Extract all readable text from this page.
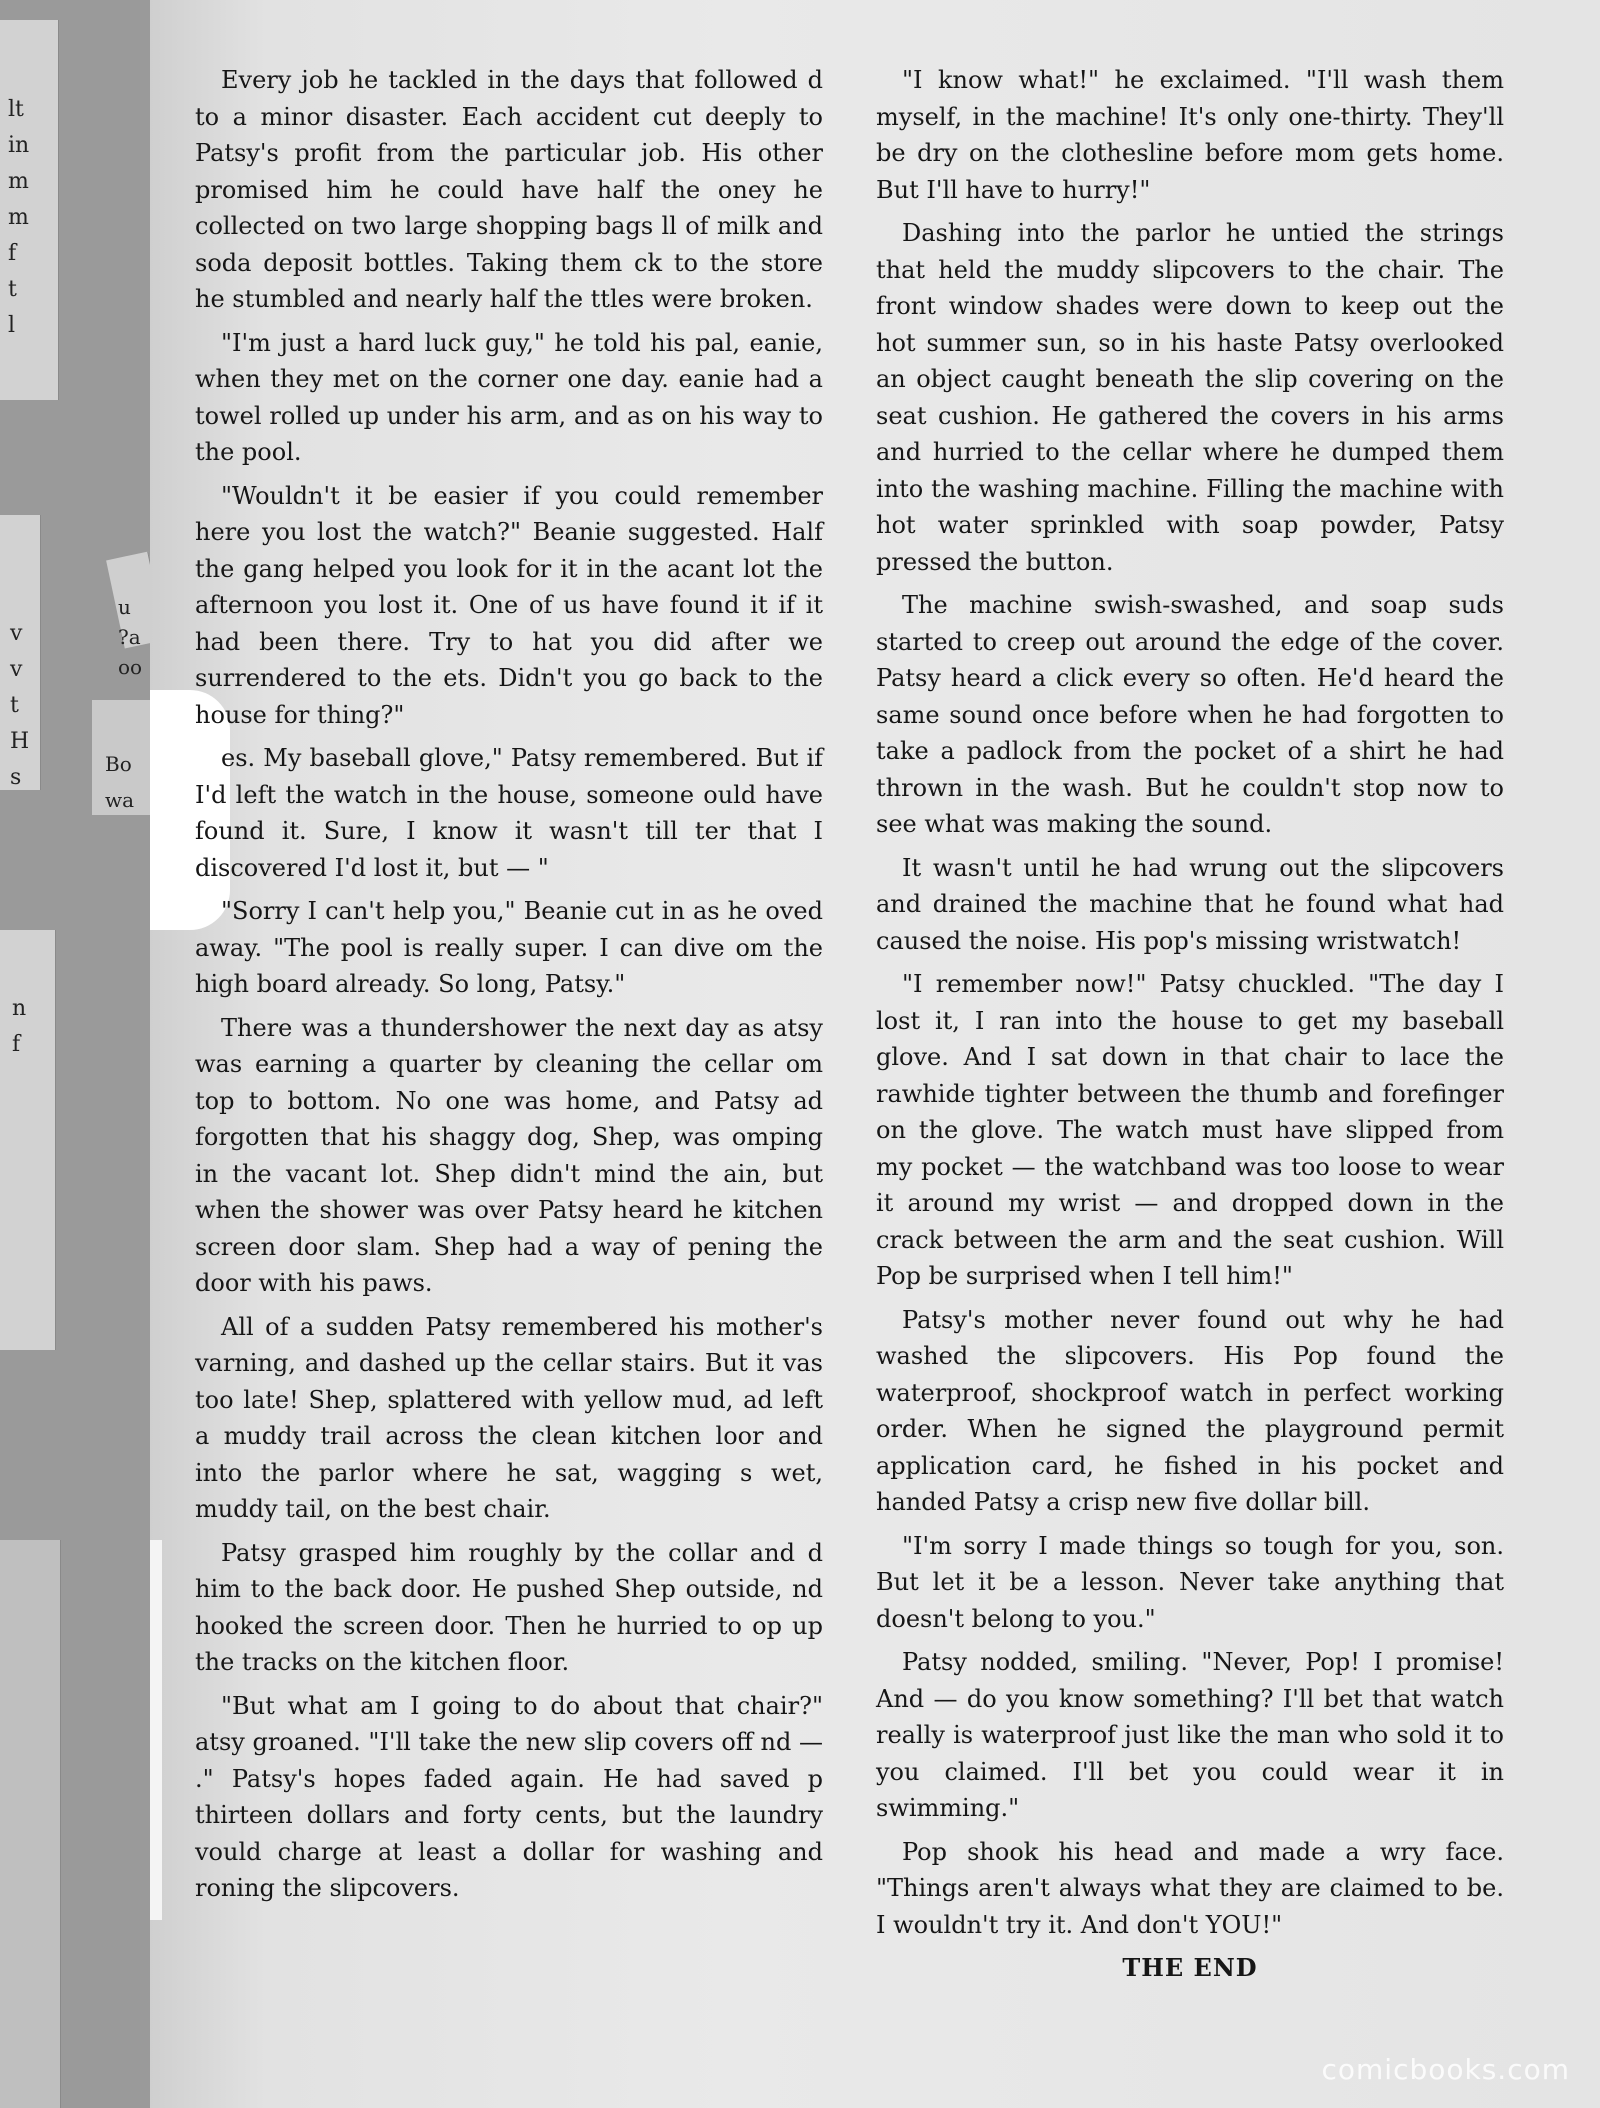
lt
in
m
m
f
t
l

v
v
t
H
s

u
?a
oo

Bo
wa

n
f

Every job he tackled in the days that followed d to a minor disaster. Each accident cut deeply to Patsy's profit from the particular job. His other promised him he could have half the oney he collected on two large shopping bags ll of milk and soda deposit bottles. Taking them ck to the store he stumbled and nearly half the ttles were broken.

"I'm just a hard luck guy," he told his pal, eanie, when they met on the corner one day. eanie had a towel rolled up under his arm, and as on his way to the pool.

"Wouldn't it be easier if you could remember here you lost the watch?" Beanie suggested. Half the gang helped you look for it in the acant lot the afternoon you lost it. One of us have found it if it had been there. Try to hat you did after we surrendered to the ets. Didn't you go back to the house for thing?"

es. My baseball glove," Patsy remembered. But if I'd left the watch in the house, someone ould have found it. Sure, I know it wasn't till ter that I discovered I'd lost it, but — "

"Sorry I can't help you," Beanie cut in as he oved away. "The pool is really super. I can dive om the high board already. So long, Patsy."

There was a thundershower the next day as atsy was earning a quarter by cleaning the cellar om top to bottom. No one was home, and Patsy ad forgotten that his shaggy dog, Shep, was omping in the vacant lot. Shep didn't mind the ain, but when the shower was over Patsy heard he kitchen screen door slam. Shep had a way of pening the door with his paws.

All of a sudden Patsy remembered his mother's varning, and dashed up the cellar stairs. But it vas too late! Shep, splattered with yellow mud, ad left a muddy trail across the clean kitchen loor and into the parlor where he sat, wagging s wet, muddy tail, on the best chair.

Patsy grasped him roughly by the collar and d him to the back door. He pushed Shep outside, nd hooked the screen door. Then he hurried to op up the tracks on the kitchen floor.

"But what am I going to do about that chair?" atsy groaned. "I'll take the new slip covers off nd — ." Patsy's hopes faded again. He had saved p thirteen dollars and forty cents, but the laundry vould charge at least a dollar for washing and roning the slipcovers.

"I know what!" he exclaimed. "I'll wash them myself, in the machine! It's only one-thirty. They'll be dry on the clothesline before mom gets home. But I'll have to hurry!"

Dashing into the parlor he untied the strings that held the muddy slipcovers to the chair. The front window shades were down to keep out the hot summer sun, so in his haste Patsy overlooked an object caught beneath the slip covering on the seat cushion. He gathered the covers in his arms and hurried to the cellar where he dumped them into the washing machine. Filling the machine with hot water sprinkled with soap powder, Patsy pressed the button.

The machine swish-swashed, and soap suds started to creep out around the edge of the cover. Patsy heard a click every so often. He'd heard the same sound once before when he had forgotten to take a padlock from the pocket of a shirt he had thrown in the wash. But he couldn't stop now to see what was making the sound.

It wasn't until he had wrung out the slipcovers and drained the machine that he found what had caused the noise. His pop's missing wristwatch!

"I remember now!" Patsy chuckled. "The day I lost it, I ran into the house to get my baseball glove. And I sat down in that chair to lace the rawhide tighter between the thumb and forefinger on the glove. The watch must have slipped from my pocket — the watchband was too loose to wear it around my wrist — and dropped down in the crack between the arm and the seat cushion. Will Pop be surprised when I tell him!"

Patsy's mother never found out why he had washed the slipcovers. His Pop found the waterproof, shockproof watch in perfect working order. When he signed the playground permit application card, he fished in his pocket and handed Patsy a crisp new five dollar bill.

"I'm sorry I made things so tough for you, son. But let it be a lesson. Never take anything that doesn't belong to you."

Patsy nodded, smiling. "Never, Pop! I promise! And — do you know something? I'll bet that watch really is waterproof just like the man who sold it to you claimed. I'll bet you could wear it in swimming."

Pop shook his head and made a wry face. "Things aren't always what they are claimed to be. I wouldn't try it. And don't YOU!"

THE END

comicbooks.com
